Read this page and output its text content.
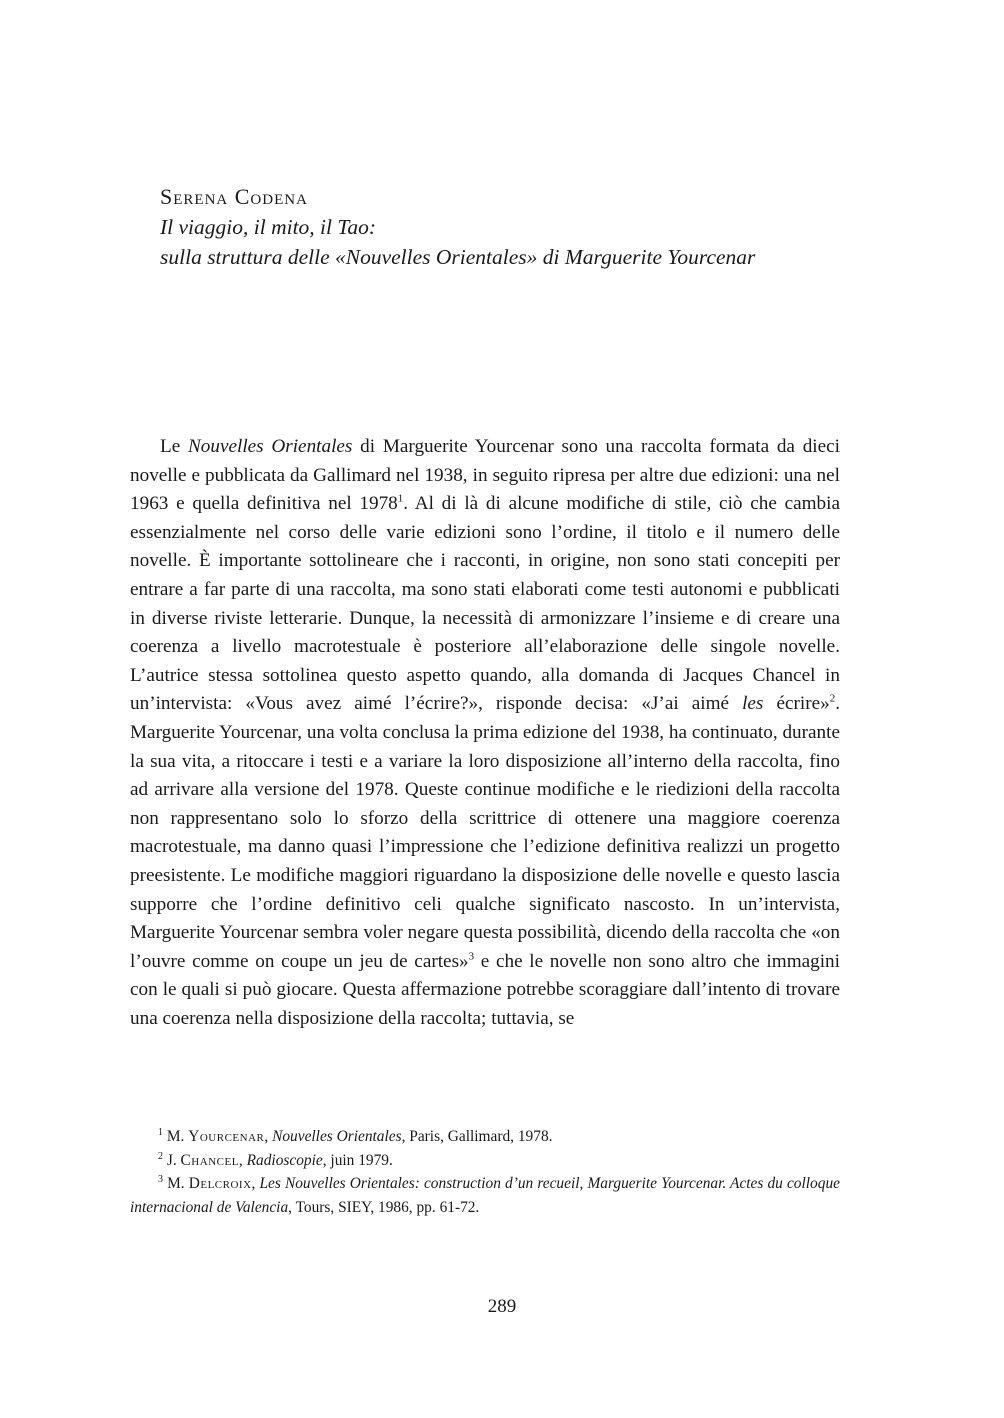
Serena Codena
Il viaggio, il mito, il Tao:
sulla struttura delle «Nouvelles Orientales» di Marguerite Yourcenar

Le Nouvelles Orientales di Marguerite Yourcenar sono una raccolta formata da dieci novelle e pubblicata da Gallimard nel 1938, in seguito ripresa per altre due edizioni: una nel 1963 e quella definitiva nel 1978$^1$. Al di là di alcune modifiche di stile, ciò che cambia essenzialmente nel corso delle varie edizioni sono l’ordine, il titolo e il numero delle novelle. È importante sottolineare che i racconti, in origine, non sono stati concepiti per entrare a far parte di una raccolta, ma sono stati elaborati come testi autonomi e pubblicati in diverse riviste letterarie. Dunque, la necessità di armonizzare l’insieme e di creare una coerenza a livello macrotestuale è posteriore all’elaborazione delle singole novelle. L’autrice stessa sottolinea questo aspetto quando, alla domanda di Jacques Chancel in un’intervista: «Vous avez aimé l’écrire?», risponde decisa: «J’ai aimé les écrire»$^2$. Marguerite Yourcenar, una volta conclusa la prima edizione del 1938, ha continuato, durante la sua vita, a ritoccare i testi e a variare la loro disposizione all’interno della raccolta, fino ad arrivare alla versione del 1978. Queste continue modifiche e le riedizioni della raccolta non rappresentano solo lo sforzo della scrittrice di ottenere una maggiore coerenza macrotestuale, ma danno quasi l’impressione che l’edizione definitiva realizzi un progetto preesistente. Le modifiche maggiori riguardano la disposizione delle novelle e questo lascia supporre che l’ordine definitivo celi qualche significato nascosto. In un’intervista, Marguerite Yourcenar sembra voler negare questa possibilità, dicendo della raccolta che «on l’ouvre comme on coupe un jeu de cartes»$^3$ e che le novelle non sono altro che immagini con le quali si può giocare. Questa affermazione potrebbe scoraggiare dall’intento di trovare una coerenza nella disposizione della raccolta; tuttavia, se

$^1$ M. Yourcenar, Nouvelles Orientales, Paris, Gallimard, 1978.

$^2$ J. Chancel, Radioscopie, juin 1979.

$^3$ M. Delcroix, Les Nouvelles Orientales: construction d’un recueil, Marguerite Yourcenar. Actes du colloque internacional de Valencia, Tours, SIEY, 1986, pp. 61-72.

289
